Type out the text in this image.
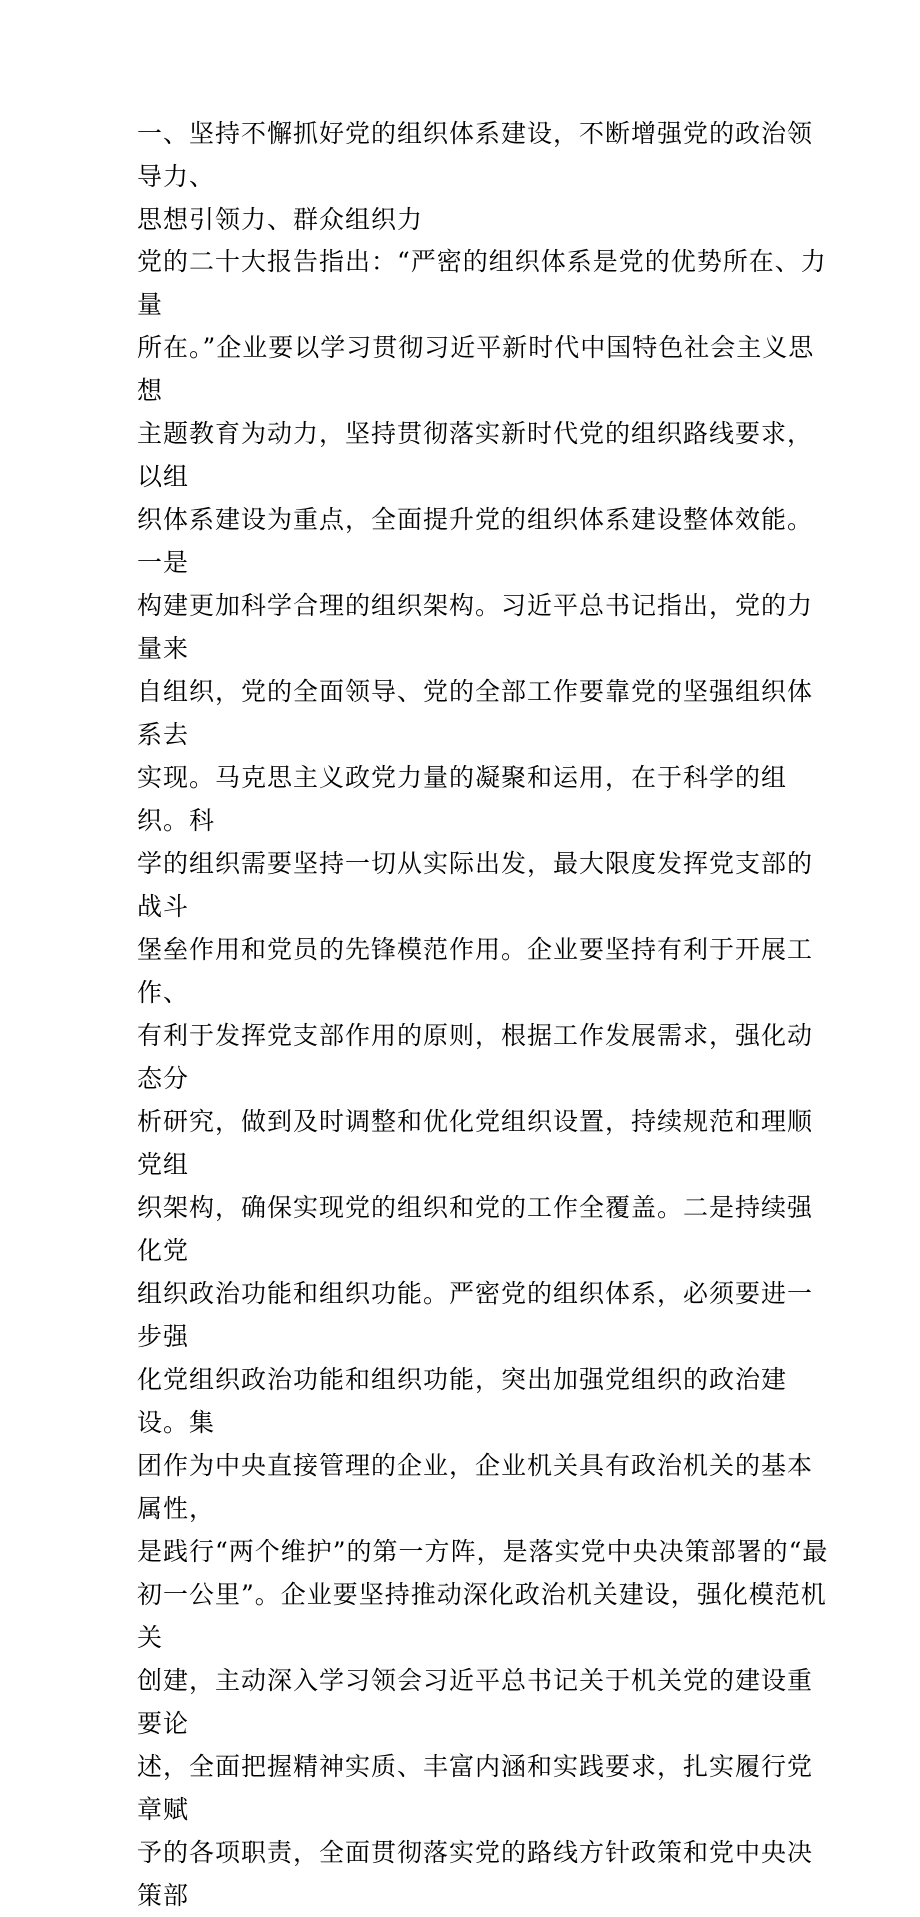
一、坚持不懈抓好党的组织体系建设，不断增强党的政治领导力、
思想引领力、群众组织力

党的二十大报告指出：“严密的组织体系是党的优势所在、力量
所在。”企业要以学习贯彻习近平新时代中国特色社会主义思想
主题教育为动力，坚持贯彻落实新时代党的组织路线要求，以组
织体系建设为重点，全面提升党的组织体系建设整体效能。一是
构建更加科学合理的组织架构。习近平总书记指出，党的力量来
自组织，党的全面领导、党的全部工作要靠党的坚强组织体系去
实现。马克思主义政党力量的凝聚和运用，在于科学的组织。科
学的组织需要坚持一切从实际出发，最大限度发挥党支部的战斗
堡垒作用和党员的先锋模范作用。企业要坚持有利于开展工作、
有利于发挥党支部作用的原则，根据工作发展需求，强化动态分
析研究，做到及时调整和优化党组织设置，持续规范和理顺党组
织架构，确保实现党的组织和党的工作全覆盖。二是持续强化党
组织政治功能和组织功能。严密党的组织体系，必须要进一步强
化党组织政治功能和组织功能，突出加强党组织的政治建设。集
团作为中央直接管理的企业，企业机关具有政治机关的基本属性，
是践行“两个维护”的第一方阵，是落实党中央决策部署的“最
初一公里”。企业要坚持推动深化政治机关建设，强化模范机关
创建，主动深入学习领会习近平总书记关于机关党的建设重要论
述，全面把握精神实质、丰富内涵和实践要求，扎实履行党章赋
予的各项职责，全面贯彻落实党的路线方针政策和党中央决策部
